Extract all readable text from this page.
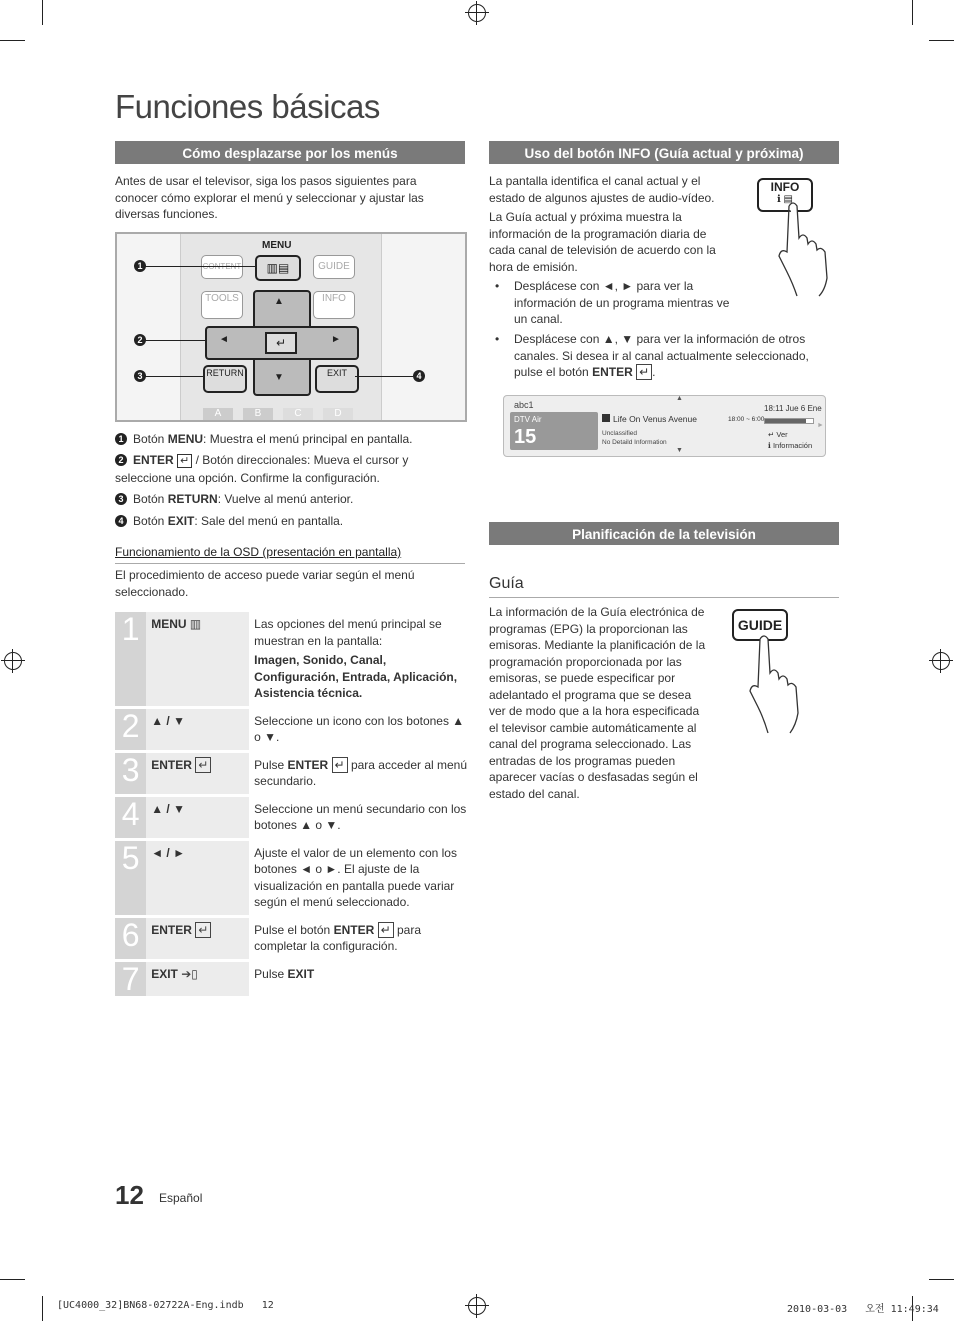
Funciones básicas
Cómo desplazarse por los menús
Antes de usar el televisor, siga los pasos siguientes para conocer cómo explorar el menú y seleccionar y ajustar las diversas funciones.
MENU
▥▤	GUIDE
TOOLS	INFO
▲
▼
◄	►
↵
RETURN	EXIT
A	B	C	D
1
2
3	4
1 Botón MENU: Muestra el menú principal en pantalla.
2 ENTER ↵ / Botón direccionales: Mueva el cursor y seleccione una opción. Confirme la configuración.
3 Botón RETURN: Vuelve al menú anterior.
4 Botón EXIT: Sale del menú en pantalla.
Funcionamiento de la OSD (presentación en pantalla)
El procedimiento de acceso puede variar según el menú seleccionado.
1	MENU ▥	Las opciones del menú principal se muestran en la pantalla:
Imagen, Sonido, Canal, Configuración, Entrada, Aplicación, Asistencia técnica.

2	▲ / ▼	Seleccione un icono con los botones ▲ o ▼.
3	ENTER ↵	Pulse ENTER ↵ para acceder al menú secundario.
4	▲ / ▼	Seleccione un menú secundario con los botones ▲ o ▼.
5	◄ / ►	Ajuste el valor de un elemento con los botones ◄ o ►. El ajuste de la visualización en pantalla puede variar según el menú seleccionado.
6	ENTER ↵	Pulse el botón ENTER ↵ para completar la configuración.
7	EXIT ➔▯	Pulse EXIT
Uso del botón INFO (Guía actual y próxima)
La pantalla identifica el canal actual y el estado de algunos ajustes de audio-vídeo.
La Guía actual y próxima muestra la información de la programación diaria de cada canal de televisión de acuerdo con la hora de emisión.
• Desplácese con ◄, ► para ver la información de un programa mientras ve un canal.
• Desplácese con ▲, ▼ para ver la información de otros canales. Si desea ir al canal actualmente seleccionado, pulse el botón ENTER ↵ .
INFO
ℹ ▤
abc1
▲
▼
►
DTV Air
15
Life On Venus Avenue
Unclassified
No Detaild Information
18:11 Jue 6 Ene
18:00 ~ 6:00
↵ Ver
ℹ Información
Planificación de la televisión
Guía
La información de la Guía electrónica de programas (EPG) la proporcionan las emisoras. Mediante la planificación de la programación proporcionada por las emisoras, se puede especificar por adelantado el programa que se desea ver de modo que a la hora especificada el televisor cambie automáticamente al canal del programa seleccionado. Las entradas de los programas pueden aparecer vacías o desfasadas según el estado del canal.
GUIDE
12 Español
[UC4000_32]BN68-02722A-Eng.indb   12	2010-03-03   오전 11:49:34
